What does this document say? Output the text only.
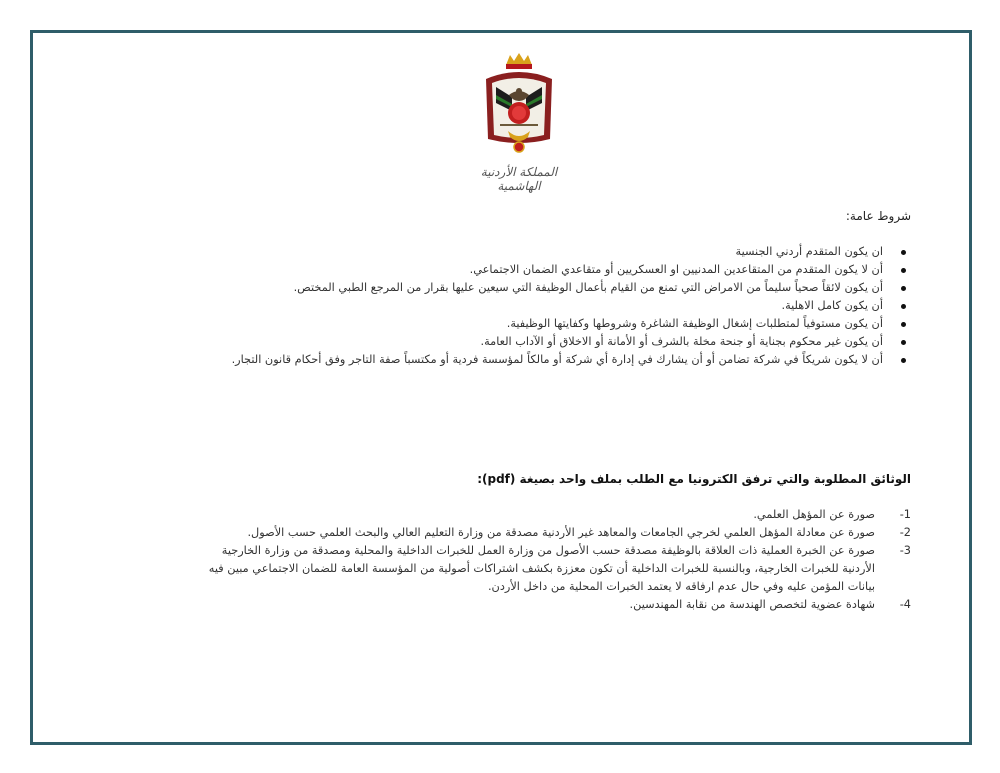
المملكة الأردنية الهاشمية
شروط عامة:
ان يكون المتقدم أردني الجنسية
أن لا يكون المتقدم من المتقاعدين المدنيين او العسكريين أو متقاعدي الضمان الاجتماعي.
أن يكون لائقاً صحياً سليماً من الامراض التي تمنع من القيام بأعمال الوظيفة التي سيعين عليها بقرار من المرجع الطبي المختص.
أن يكون كامل الاهلية.
أن يكون مستوفياً لمتطلبات إشغال الوظيفة الشاغرة وشروطها وكفايتها الوظيفية.
أن يكون غير محكوم بجناية أو جنحة مخلة بالشرف أو الأمانة أو الاخلاق أو الآداب العامة.
أن لا يكون شريكاً في شركة تضامن أو أن يشارك في إدارة أي شركة أو مالكاً لمؤسسة فردية أو مكتسباً صفة التاجر وفق أحكام قانون التجار.
الوثائق المطلوبة والتي ترفق الكترونيا مع الطلب بملف واحد بصيغة (pdf):
-1
صورة عن المؤهل العلمي.
-2
صورة عن معادلة المؤهل العلمي لخرجي الجامعات والمعاهد غير الأردنية مصدقة من وزارة التعليم العالي والبحث العلمي حسب الأصول.
-3
صورة عن الخبرة العملية ذات العلاقة بالوظيفة مصدقة حسب الأصول من وزارة العمل للخبرات الداخلية والمحلية ومصدقة من وزارة الخارجية الأردنية للخبرات الخارجية، وبالنسبة للخبرات الداخلية أن تكون معززة بكشف اشتراكات أصولية من المؤسسة العامة للضمان الاجتماعي مبين فيه بيانات المؤمن عليه وفي حال عدم ارفاقه لا يعتمد الخبرات المحلية من داخل الأردن.
-4
شهادة عضوية لتخصص الهندسة من نقابة المهندسين.
